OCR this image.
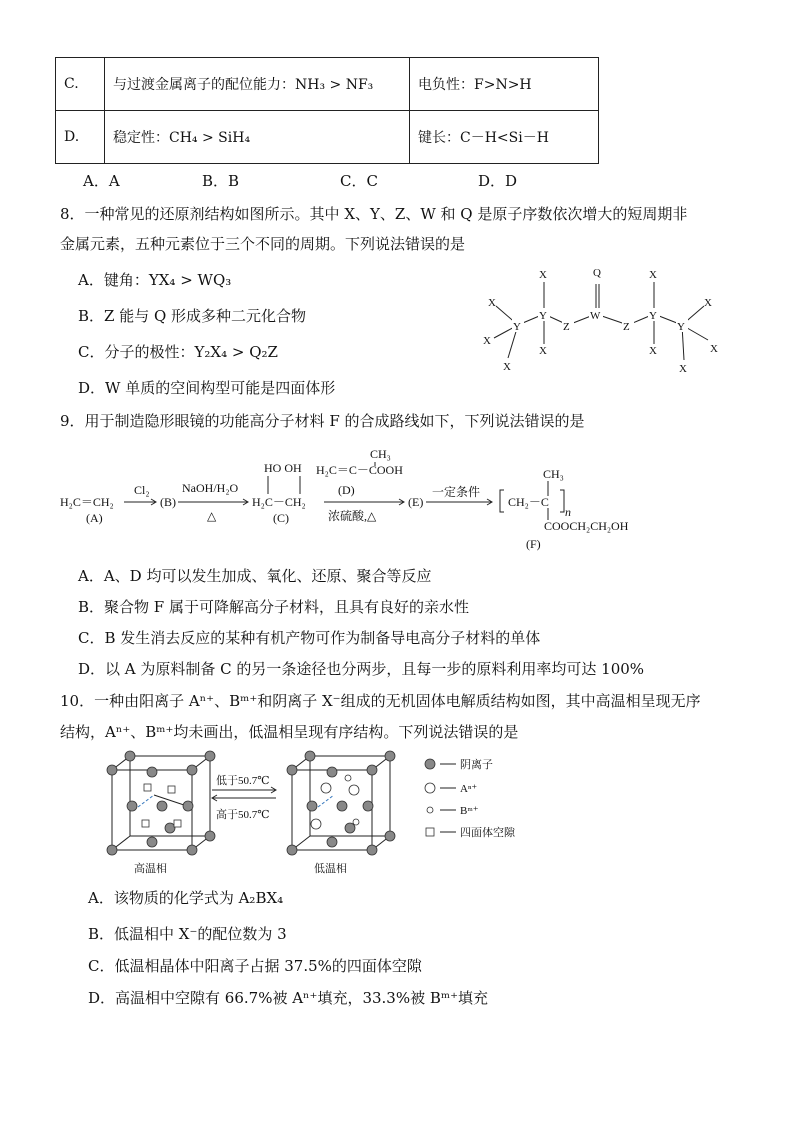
C.	与过渡金属离子的配位能力：NH₃ > NF₃	电负性：F>N>H
D.	稳定性：CH₄ > SiH₄	键长：C－H<Si－H
A．A	B．B	C．C	D．D
8．一种常见的还原剂结构如图所示。其中 X、Y、Z、W 和 Q 是原子序数依次增大的短周期非
金属元素，五种元素位于三个不同的周期。下列说法错误的是
A．键角：YX₄ > WQ₃
B．Z 能与 Q 形成多种二元化合物
C．分子的极性：Y₂X₄ > Q₂Z
D．W 单质的空间构型可能是四面体形
Y
Y
Z
W
Z
Y
Y
X
X
X
X
X
Q	X
X
X
X
X
9．用于制造隐形眼镜的功能高分子材料 F 的合成路线如下，下列说法错误的是
H₂C＝CH₂
(A)
Cl₂
(B)
NaOH/H₂O
△
HO OH
H₂C－CH₂
(C)
CH₃
H₂C＝C－COOH
(D)
浓硫酸,△
(E)
一定条件
CH₃
CH₂－C
n
COOCH₂CH₂OH
(F)
A．A、D 均可以发生加成、氧化、还原、聚合等反应
B．聚合物 F 属于可降解高分子材料，且具有良好的亲水性
C．B 发生消去反应的某种有机产物可作为制备导电高分子材料的单体
D．以 A 为原料制备 C 的另一条途径也分两步，且每一步的原料利用率均可达 100%
10．一种由阳离子 Aⁿ⁺、Bᵐ⁺和阴离子 X⁻组成的无机固体电解质结构如图，其中高温相呈现无序
结构，Aⁿ⁺、Bᵐ⁺均未画出，低温相呈现有序结构。下列说法错误的是
低于50.7℃
高于50.7℃
高温相	低温相
阴离子
Aⁿ⁺
Bᵐ⁺
四面体空隙
A．该物质的化学式为 A₂BX₄
B．低温相中 X⁻的配位数为 3
C．低温相晶体中阳离子占据 37.5%的四面体空隙
D．高温相中空隙有 66.7%被 Aⁿ⁺填充，33.3%被 Bᵐ⁺填充
